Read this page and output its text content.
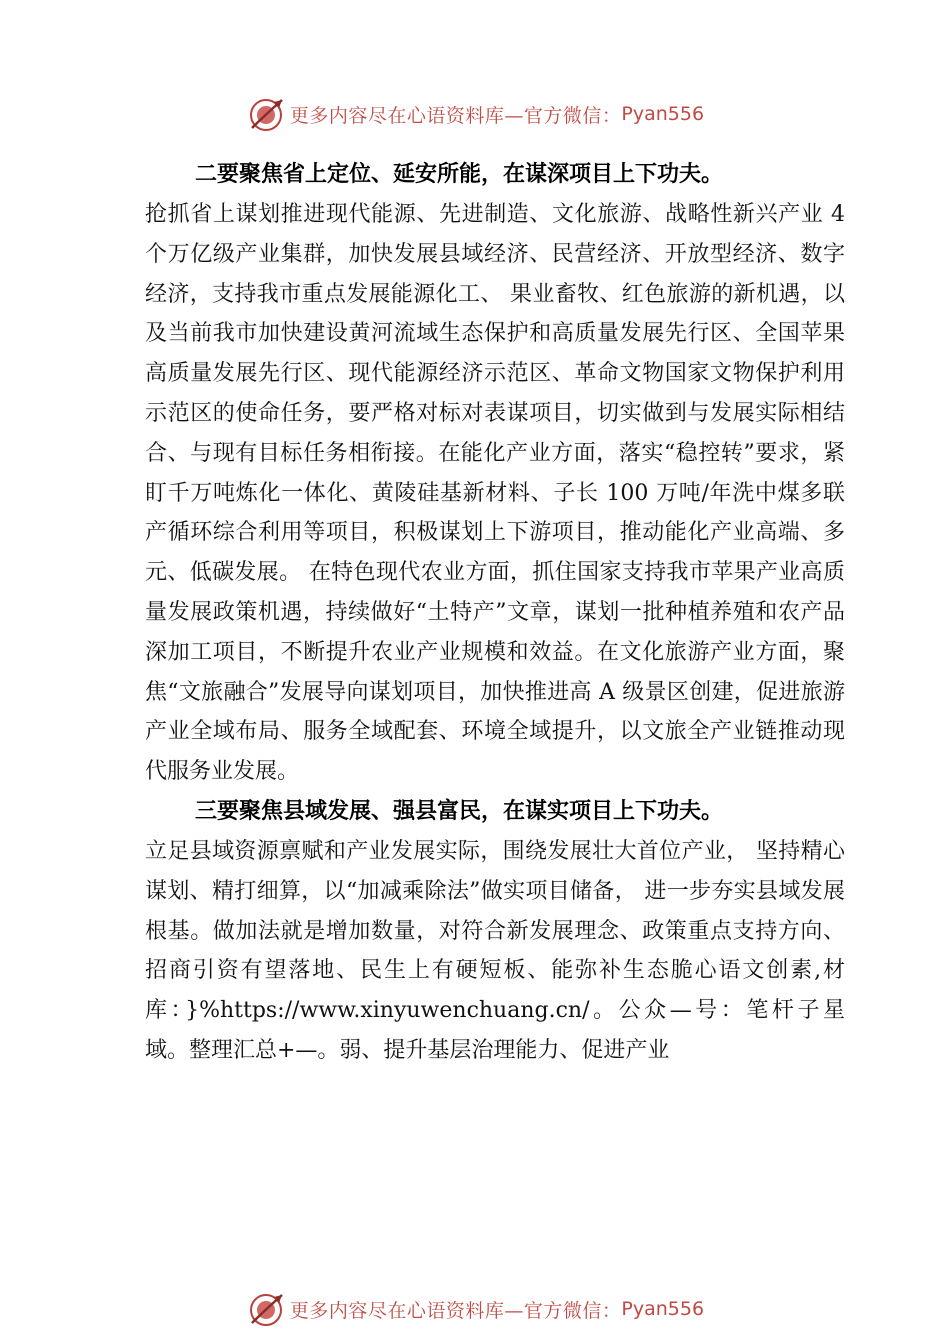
更多内容尽在心语资料库—官方微信： Pyan556
二要聚焦省上定位、延安所能，在谋深项目上下功夫。
抢抓省上谋划推进现代能源、先进制造、文化旅游、战略性新兴产业 4 个万亿级产业集群，加快发展县域经济、民营经济、开放型经济、数字经济，支持我市重点发展能源化工、 果业畜牧、红色旅游的新机遇，以及当前我市加快建设黄河流域生态保护和高质量发展先行区、全国苹果高质量发展先行区、现代能源经济示范区、革命文物国家文物保护利用示范区的使命任务，要严格对标对表谋项目，切实做到与发展实际相结合、与现有目标任务相衔接。在能化产业方面，落实“稳控转”要求，紧盯千万吨炼化一体化、黄陵硅基新材料、子长 100 万吨/年洗中煤多联产循环综合利用等项目，积极谋划上下游项目，推动能化产业高端、多元、低碳发展。 在特色现代农业方面，抓住国家支持我市苹果产业高质量发展政策机遇，持续做好“土特产”文章，谋划一批种植养殖和农产品深加工项目，不断提升农业产业规模和效益。在文化旅游产业方面，聚焦“文旅融合”发展导向谋划项目，加快推进高 A 级景区创建，促进旅游产业全域布局、服务全域配套、环境全域提升，以文旅全产业链推动现代服务业发展。
三要聚焦县域发展、强县富民，在谋实项目上下功夫。
立足县域资源禀赋和产业发展实际，围绕发展壮大首位产业， 坚持精心谋划、精打细算，以“加减乘除法”做实项目储备， 进一步夯实县域发展根基。做加法就是增加数量，对符合新发展理念、政策重点支持方向、招商引资有望落地、民生上有硬短板、能弥补生态脆心语文创素,材库：}%https://www.xinyuwenchuang.cn/。公众—号：笔杆子星域。整理汇总+—。弱、提升基层治理能力、促进产业
更多内容尽在心语资料库—官方微信： Pyan556
